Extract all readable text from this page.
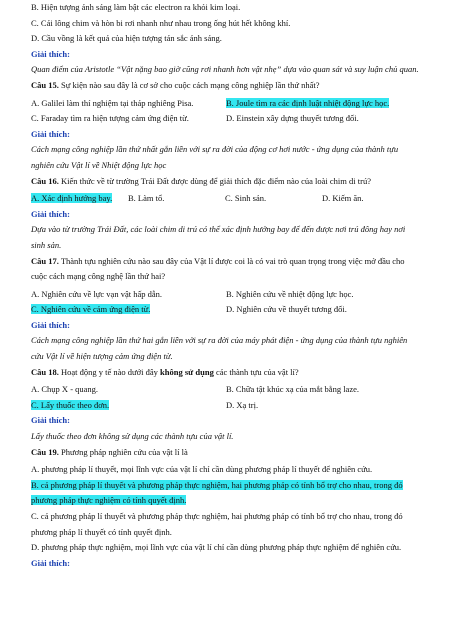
B. Hiện tượng ánh sáng làm bật các electron ra khỏi kim loại.

C. Cái lông chim và hòn bi rơi nhanh như nhau trong ống hút hết không khí.

D. Cầu vồng là kết quả của hiện tượng tán sắc ánh sáng.

Giải thích:

Quan điểm của Aristotle “Vật nặng bao giờ cũng rơi nhanh hơn vật nhẹ” dựa vào quan sát và suy luận chủ quan.

Câu 15. Sự kiện nào sau đây là cơ sở cho cuộc cách mạng công nghiệp lần thứ nhất?

A. Galilei làm thí nghiệm tại tháp nghiêng Pisa.	B. Joule tìm ra các định luật nhiệt động lực học.
C. Faraday tìm ra hiện tượng cảm ứng điện từ.	D. Einstein xây dựng thuyết tương đối.

Giải thích:

Cách mạng công nghiệp lần thứ nhất gắn liền với sự ra đời của động cơ hơi nước - ứng dụng của thành tựu nghiên cứu Vật lí về Nhiệt động lực học

Câu 16. Kiến thức về từ trường Trái Đất được dùng để giải thích đặc điểm nào của loài chim di trú?

A. Xác định hướng bay.	B. Làm tổ.	C. Sinh sản.	D. Kiếm ăn.

Giải thích:

Dựa vào từ trường Trái Đất, các loài chim di trú có thể xác định hướng bay để đến được nơi trú đông hay nơi sinh sản.

Câu 17. Thành tựu nghiên cứu nào sau đây của Vật lí được coi là có vai trò quan trọng trong việc mở đầu cho cuộc cách mạng công nghệ lần thứ hai?

A. Nghiên cứu về lực vạn vật hấp dẫn.	B. Nghiên cứu về nhiệt động lực học.
C. Nghiên cứu về cảm ứng điện từ.	D. Nghiên cứu về thuyết tương đối.

Giải thích:

Cách mạng công nghiệp lần thứ hai gắn liền với sự ra đời của máy phát điện - ứng dụng của thành tựu nghiên cứu Vật lí về hiện tượng cảm ứng điện từ.

Câu 18. Hoạt động y tế nào dưới đây không sử dụng các thành tựu của vật lí?

A. Chụp X - quang.	B. Chữa tật khúc xạ của mắt bằng laze.
C. Lấy thuốc theo đơn.	D. Xạ trị.

Giải thích:

Lấy thuốc theo đơn không sử dụng các thành tựu của vật lí.

Câu 19. Phương pháp nghiên cứu của vật lí là

A. phương pháp lí thuyết, mọi lĩnh vực của vật lí chỉ cần dùng phương pháp lí thuyết để nghiên cứu.

B. cả phương pháp lí thuyết và phương pháp thực nghiệm, hai phương pháp có tính bổ trợ cho nhau, trong đó phương pháp thực nghiệm có tính quyết định.

C. cả phương pháp lí thuyết và phương pháp thực nghiệm, hai phương pháp có tính bổ trợ cho nhau, trong đó phương pháp lí thuyết có tính quyết định.

D. phương pháp thực nghiệm, mọi lĩnh vực của vật lí chỉ cần dùng phương pháp thực nghiệm để nghiên cứu.

Giải thích:
